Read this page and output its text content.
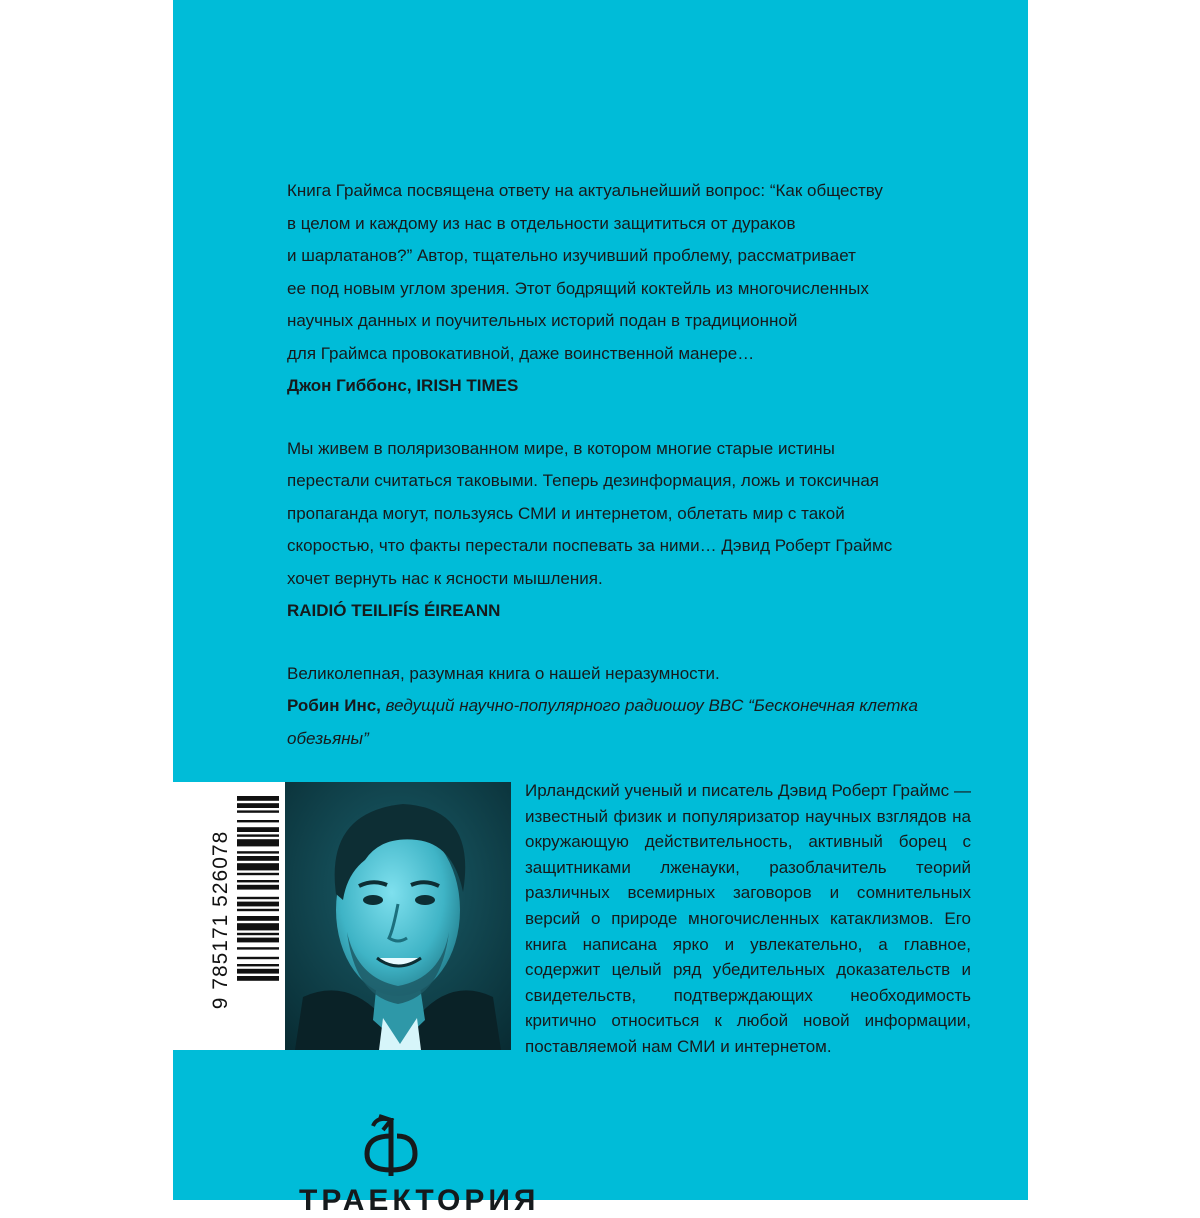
Книга Граймса посвящена ответу на актуальнейший вопрос: “Как обществу
в целом и каждому из нас в отдельности защититься от дураков
и шарлатанов?” Автор, тщательно изучивший проблему, рассматривает
ее под новым углом зрения. Этот бодрящий коктейль из многочисленных
научных данных и поучительных историй подан в традиционной
для Граймса провокативной, даже воинственной манере…

Джон Гиббонс, IRISH TIMES

Мы живем в поляризованном мире, в котором многие старые истины
перестали считаться таковыми. Теперь дезинформация, ложь и токсичная
пропаганда могут, пользуясь СМИ и интернетом, облетать мир с такой
скоростью, что факты перестали поспевать за ними… Дэвид Роберт Граймс
хочет вернуть нас к ясности мышления.

RAIDIÓ TEILIFÍS ÉIREANN

Великолепная, разумная книга о нашей неразумности.

Робин Инс, ведущий научно-популярного радиошоу BBC “Бесконечная клетка обезьяны”

9 785171 526078

Ирландский ученый и писатель Дэвид Роберт Граймс — известный физик и популяризатор научных взглядов на окружающую действительность, активный борец с защитниками лженауки, разоблачитель теорий различных всемирных заговоров и сомнительных версий о природе многочисленных катаклизмов. Его книга написана ярко и увлекательно, а главное, содержит целый ряд убедительных доказательств и свидетельств, подтверждающих необходимость критично относиться к любой новой информации, поставляемой нам СМИ и интернетом.

ТРАЕКТОРИЯ
